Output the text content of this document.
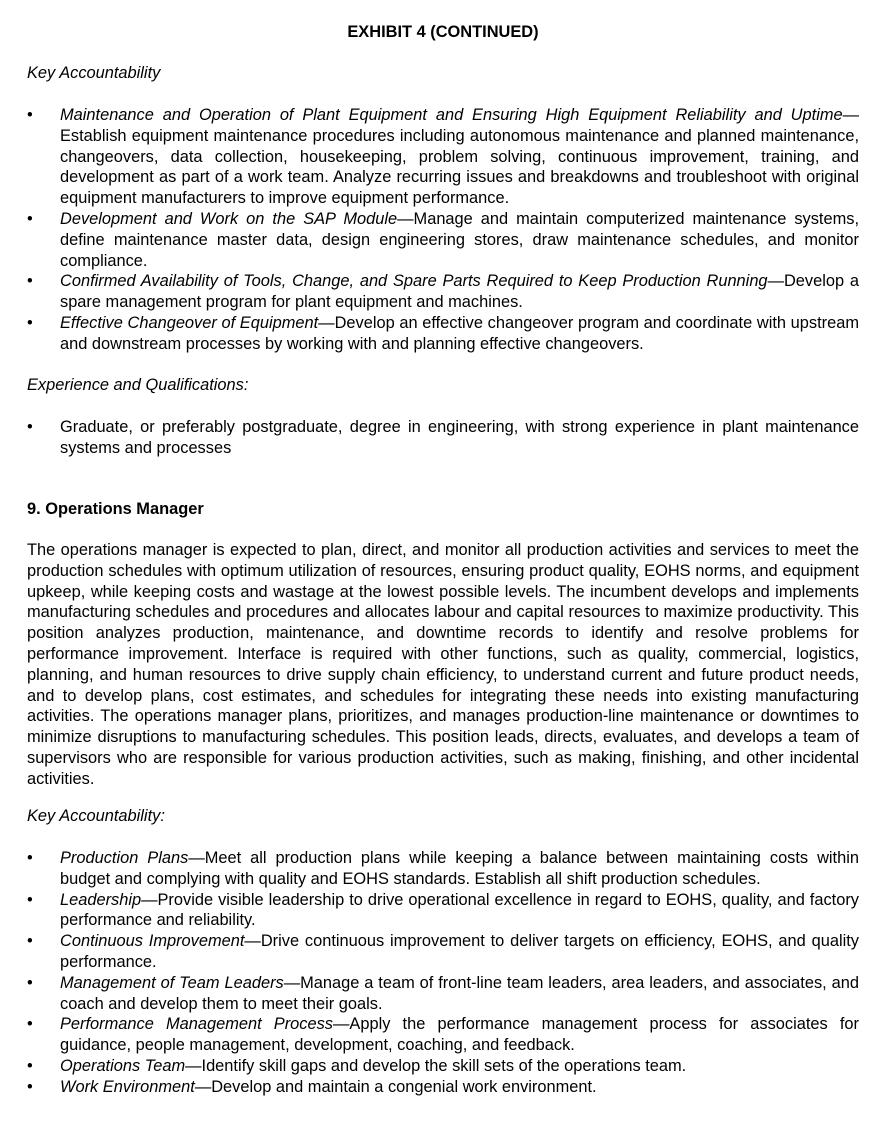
EXHIBIT 4 (CONTINUED)
Key Accountability
• Maintenance and Operation of Plant Equipment and Ensuring High Equipment Reliability and Uptime—Establish equipment maintenance procedures including autonomous maintenance and planned maintenance, changeovers, data collection, housekeeping, problem solving, continuous improvement, training, and development as part of a work team. Analyze recurring issues and breakdowns and troubleshoot with original equipment manufacturers to improve equipment performance.
• Development and Work on the SAP Module—Manage and maintain computerized maintenance systems, define maintenance master data, design engineering stores, draw maintenance schedules, and monitor compliance.
• Confirmed Availability of Tools, Change, and Spare Parts Required to Keep Production Running—Develop a spare management program for plant equipment and machines.
• Effective Changeover of Equipment—Develop an effective changeover program and coordinate with upstream and downstream processes by working with and planning effective changeovers.
Experience and Qualifications:
• Graduate, or preferably postgraduate, degree in engineering, with strong experience in plant maintenance systems and processes
9. Operations Manager
The operations manager is expected to plan, direct, and monitor all production activities and services to meet the production schedules with optimum utilization of resources, ensuring product quality, EOHS norms, and equipment upkeep, while keeping costs and wastage at the lowest possible levels. The incumbent develops and implements manufacturing schedules and procedures and allocates labour and capital resources to maximize productivity. This position analyzes production, maintenance, and downtime records to identify and resolve problems for performance improvement. Interface is required with other functions, such as quality, commercial, logistics, planning, and human resources to drive supply chain efficiency, to understand current and future product needs, and to develop plans, cost estimates, and schedules for integrating these needs into existing manufacturing activities. The operations manager plans, prioritizes, and manages production-line maintenance or downtimes to minimize disruptions to manufacturing schedules. This position leads, directs, evaluates, and develops a team of supervisors who are responsible for various production activities, such as making, finishing, and other incidental activities.
Key Accountability:
• Production Plans—Meet all production plans while keeping a balance between maintaining costs within budget and complying with quality and EOHS standards. Establish all shift production schedules.
• Leadership—Provide visible leadership to drive operational excellence in regard to EOHS, quality, and factory performance and reliability.
• Continuous Improvement—Drive continuous improvement to deliver targets on efficiency, EOHS, and quality performance.
• Management of Team Leaders—Manage a team of front-line team leaders, area leaders, and associates, and coach and develop them to meet their goals.
• Performance Management Process—Apply the performance management process for associates for guidance, people management, development, coaching, and feedback.
• Operations Team—Identify skill gaps and develop the skill sets of the operations team.
• Work Environment—Develop and maintain a congenial work environment.
